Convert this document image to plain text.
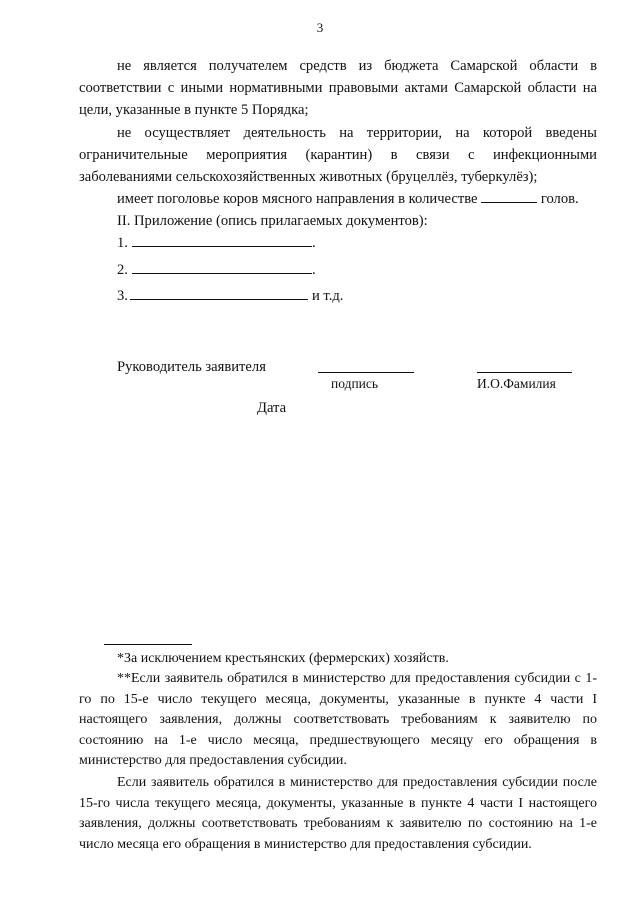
3

не является получателем средств из бюджета Самарской области в соответствии с иными нормативными правовыми актами Самарской области на цели, указанные в пункте 5 Порядка;

не осуществляет деятельность на территории, на которой введены ограничительные мероприятия (карантин) в связи с инфекционными заболеваниями сельскохозяйственных животных (бруцеллёз, туберкулёз);

имеет поголовье коров мясного направления в количестве	голов.

II. Приложение (опись прилагаемых документов):

1.	.
2.	.
3.	и т.д.
Руководитель заявителя
подпись	И.О.Фамилия
Дата

*За исключением крестьянских (фермерских) хозяйств.

**Если заявитель обратился в министерство для предоставления субсидии с 1-го по 15-е число текущего месяца, документы, указанные в пункте 4 части I настоящего заявления, должны соответствовать требованиям к заявителю по состоянию на 1-е число месяца, предшествующего месяцу его обращения в министерство для предоставления субсидии.

Если заявитель обратился в министерство для предоставления субсидии после 15-го числа текущего месяца, документы, указанные в пункте 4 части I настоящего заявления, должны соответствовать требованиям к заявителю по состоянию на 1-е число месяца его обращения в министерство для предоставления субсидии.
